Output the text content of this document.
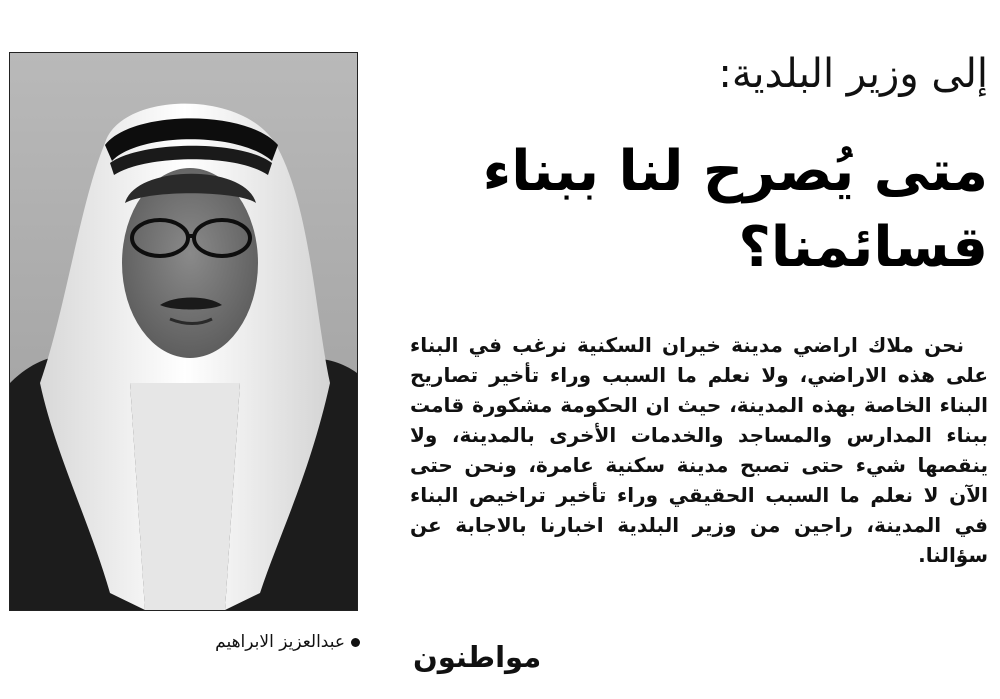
عبدالعزيز الابراهيم
إلى وزير البلدية:
متى يُصرح لنا ببناء
قسائمنا؟
نحن ملاك اراضي مدينة خيران السكنية نرغب في البناء على هذه الاراضي، ولا نعلم ما السبب وراء تأخير تصاريح البناء الخاصة بهذه المدينة، حيث ان الحكومة مشكورة قامت ببناء المدارس والمساجد والخدمات الأخرى بالمدينة، ولا ينقصها شيء حتى تصبح مدينة سكنية عامرة، ونحن حتى الآن لا نعلم ما السبب الحقيقي وراء تأخير تراخيص البناء في المدينة، راجين من وزير البلدية اخبارنا بالاجابة عن سؤالنا.
مواطنون
